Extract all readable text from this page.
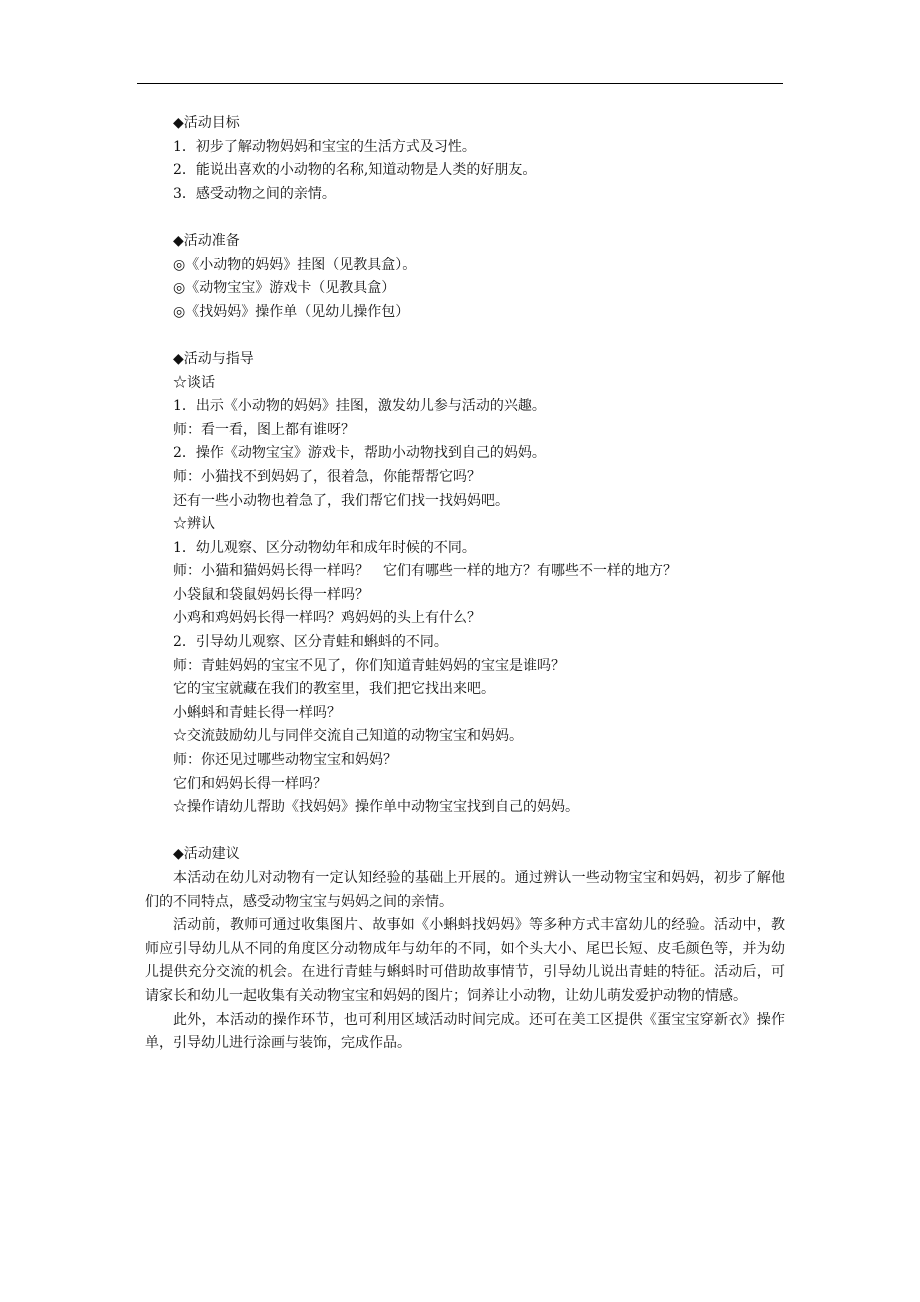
◆活动目标

1．初步了解动物妈妈和宝宝的生活方式及习性。

2．能说出喜欢的小动物的名称,知道动物是人类的好朋友。

3．感受动物之间的亲情。

◆活动准备

◎《小动物的妈妈》挂图（见教具盒）。

◎《动物宝宝》游戏卡（见教具盒）

◎《找妈妈》操作单（见幼儿操作包）

◆活动与指导

☆谈话

1．出示《小动物的妈妈》挂图，激发幼儿参与活动的兴趣。

师：看一看，图上都有谁呀？

2．操作《动物宝宝》游戏卡，帮助小动物找到自己的妈妈。

师：小猫找不到妈妈了，很着急，你能帮帮它吗？

还有一些小动物也着急了，我们帮它们找一找妈妈吧。

☆辨认

1．幼儿观察、区分动物幼年和成年时候的不同。

师：小猫和猫妈妈长得一样吗？　它们有哪些一样的地方？有哪些不一样的地方？

小袋鼠和袋鼠妈妈长得一样吗？

小鸡和鸡妈妈长得一样吗？鸡妈妈的头上有什么？

2．引导幼儿观察、区分青蛙和蝌蚪的不同。

师：青蛙妈妈的宝宝不见了，你们知道青蛙妈妈的宝宝是谁吗？

它的宝宝就藏在我们的教室里，我们把它找出来吧。

小蝌蚪和青蛙长得一样吗？

☆交流鼓励幼儿与同伴交流自己知道的动物宝宝和妈妈。

师：你还见过哪些动物宝宝和妈妈？

它们和妈妈长得一样吗？

☆操作请幼儿帮助《找妈妈》操作单中动物宝宝找到自己的妈妈。

◆活动建议

本活动在幼儿对动物有一定认知经验的基础上开展的。通过辨认一些动物宝宝和妈妈，初步了解他们的不同特点，感受动物宝宝与妈妈之间的亲情。

活动前，教师可通过收集图片、故事如《小蝌蚪找妈妈》等多种方式丰富幼儿的经验。活动中，教师应引导幼儿从不同的角度区分动物成年与幼年的不同，如个头大小、尾巴长短、皮毛颜色等，并为幼儿提供充分交流的机会。在进行青蛙与蝌蚪时可借助故事情节，引导幼儿说出青蛙的特征。活动后，可请家长和幼儿一起收集有关动物宝宝和妈妈的图片；饲养让小动物，让幼儿萌发爱护动物的情感。

此外，本活动的操作环节，也可利用区域活动时间完成。还可在美工区提供《蛋宝宝穿新衣》操作单，引导幼儿进行涂画与装饰，完成作品。
